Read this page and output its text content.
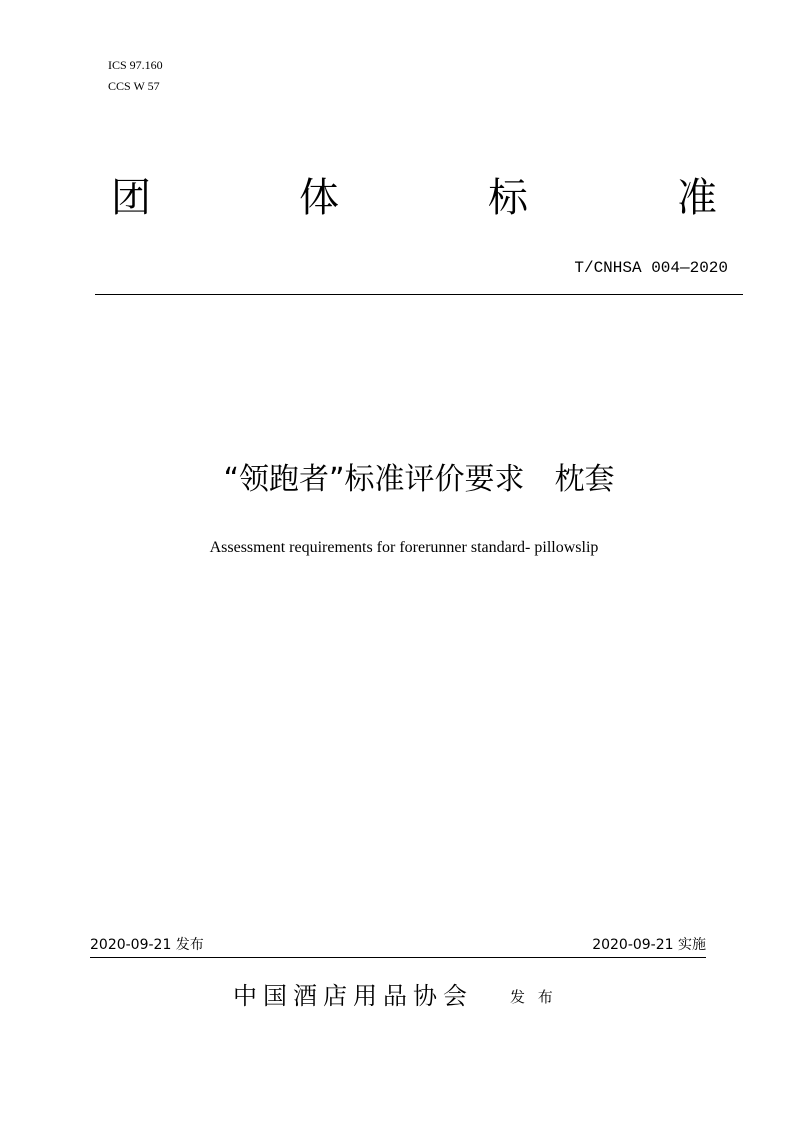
ICS 97.160
CCS W 57
团	体	标	准
T/CNHSA 004—2020
“领跑者”标准评价要求　枕套
Assessment requirements for forerunner standard- pillowslip
2020-09-21 发布	2020-09-21 实施
中国酒店用品协会 发 布
